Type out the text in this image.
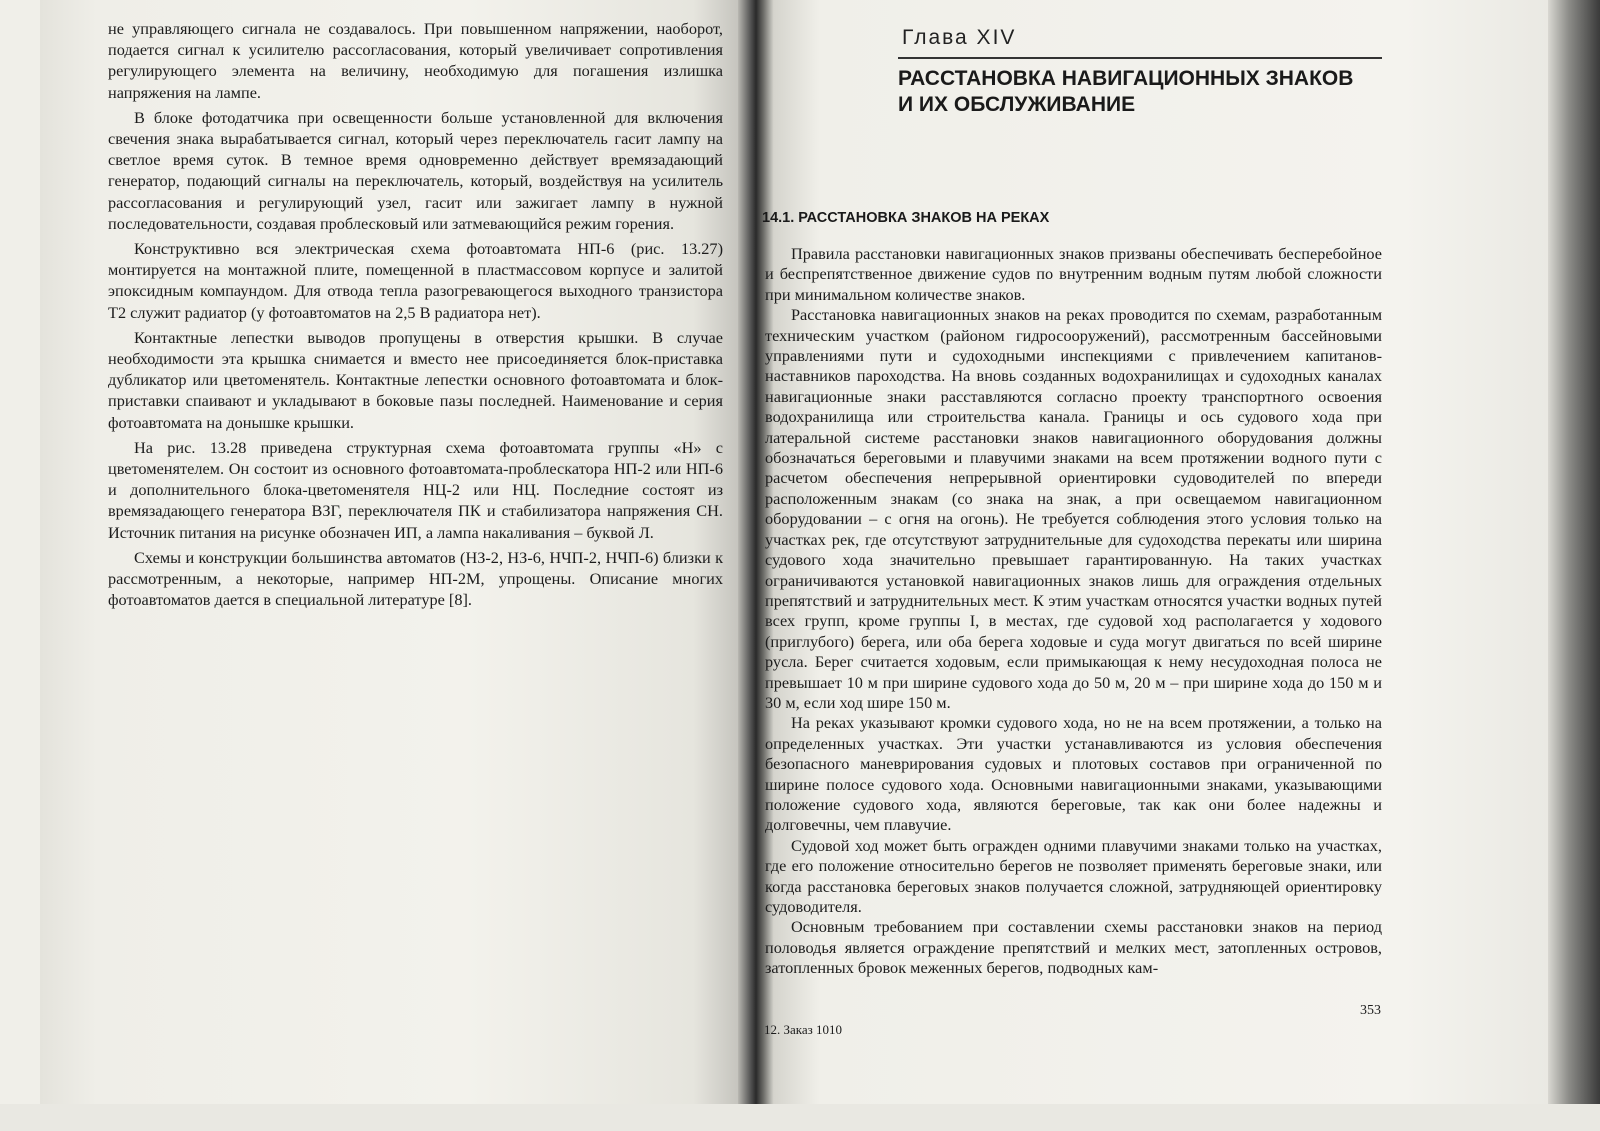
не управляющего сигнала не создавалось. При повышенном напряжении, наоборот, подается сигнал к усилителю рассогласования, который увеличивает сопротивления регулирующего элемента на величину, необходимую для погашения излишка напряжения на лампе.

В блоке фотодатчика при освещенности больше установленной для включения свечения знака вырабатывается сигнал, который через переключатель гасит лампу на светлое время суток. В темное время одновременно действует времязадающий генератор, подающий сигналы на переключатель, который, воздействуя на усилитель рассогласования и регулирующий узел, гасит или зажигает лампу в нужной последовательности, создавая проблесковый или затмевающийся режим горения.

Конструктивно вся электрическая схема фотоавтомата НП-6 (рис. 13.27) монтируется на монтажной плите, помещенной в пластмассовом корпусе и залитой эпоксидным компаундом. Для отвода тепла разогревающегося выходного транзистора Т2 служит радиатор (у фотоавтоматов на 2,5 В радиатора нет).

Контактные лепестки выводов пропущены в отверстия крышки. В случае необходимости эта крышка снимается и вместо нее присоединяется блок-приставка дубликатор или цветоменятель. Контактные лепестки основного фотоавтомата и блок-приставки спаивают и укладывают в боковые пазы последней. Наименование и серия фотоавтомата на донышке крышки.

На рис. 13.28 приведена структурная схема фотоавтомата группы «Н» с цветоменятелем. Он состоит из основного фотоавтомата-проблескатора НП-2 или НП-6 и дополнительного блока-цветоменятеля НЦ-2 или НЦ. Последние состоят из времязадающего генератора ВЗГ, переключателя ПК и стабилизатора напряжения СН. Источник питания на рисунке обозначен ИП, а лампа накаливания – буквой Л.

Схемы и конструкции большинства автоматов (НЗ-2, НЗ-6, НЧП-2, НЧП-6) близки к рассмотренным, а некоторые, например НП-2М, упрощены. Описание многих фотоавтоматов дается в специальной литературе [8].

Глава XIV
РАССТАНОВКА НАВИГАЦИОННЫХ ЗНАКОВ
И ИХ ОБСЛУЖИВАНИЕ
14.1. РАССТАНОВКА ЗНАКОВ НА РЕКАХ

Правила расстановки навигационных знаков призваны обеспечивать бесперебойное и беспрепятственное движение судов по внутренним водным путям любой сложности при минимальном количестве знаков.

Расстановка навигационных знаков на реках проводится по схемам, разработанным техническим участком (районом гидросооружений), рассмотренным бассейновыми управлениями пути и судоходными инспекциями с привлечением капитанов-наставников пароходства. На вновь созданных водохранилищах и судоходных каналах навигационные знаки расставляются согласно проекту транспортного освоения водохранилища или строительства канала. Границы и ось судового хода при латеральной системе расстановки знаков навигационного оборудования должны обозначаться береговыми и плавучими знаками на всем протяжении водного пути с расчетом обеспечения непрерывной ориентировки судоводителей по впереди расположенным знакам (со знака на знак, а при освещаемом навигационном оборудовании – с огня на огонь). Не требуется соблюдения этого условия только на участках рек, где отсутствуют затруднительные для судоходства перекаты или ширина судового хода значительно превышает гарантированную. На таких участках ограничиваются установкой навигационных знаков лишь для ограждения отдельных препятствий и затруднительных мест. К этим участкам относятся участки водных путей всех групп, кроме группы I, в местах, где судовой ход располагается у ходового (приглубого) берега, или оба берега ходовые и суда могут двигаться по всей ширине русла. Берег считается ходовым, если примыкающая к нему несудоходная полоса не превышает 10 м при ширине судового хода до 50 м, 20 м – при ширине хода до 150 м и 30 м, если ход шире 150 м.

На реках указывают кромки судового хода, но не на всем протяжении, а только на определенных участках. Эти участки устанавливаются из условия обеспечения безопасного маневрирования судовых и плотовых составов при ограниченной по ширине полосе судового хода. Основными навигационными знаками, указывающими положение судового хода, являются береговые, так как они более надежны и долговечны, чем плавучие.

Судовой ход может быть огражден одними плавучими знаками только на участках, где его положение относительно берегов не позволяет применять береговые знаки, или когда расстановка береговых знаков получается сложной, затрудняющей ориентировку судоводителя.

Основным требованием при составлении схемы расстановки знаков на период половодья является ограждение препятствий и мелких мест, затопленных островов, затопленных бровок меженных берегов, подводных кам-

353
12. Заказ 1010
